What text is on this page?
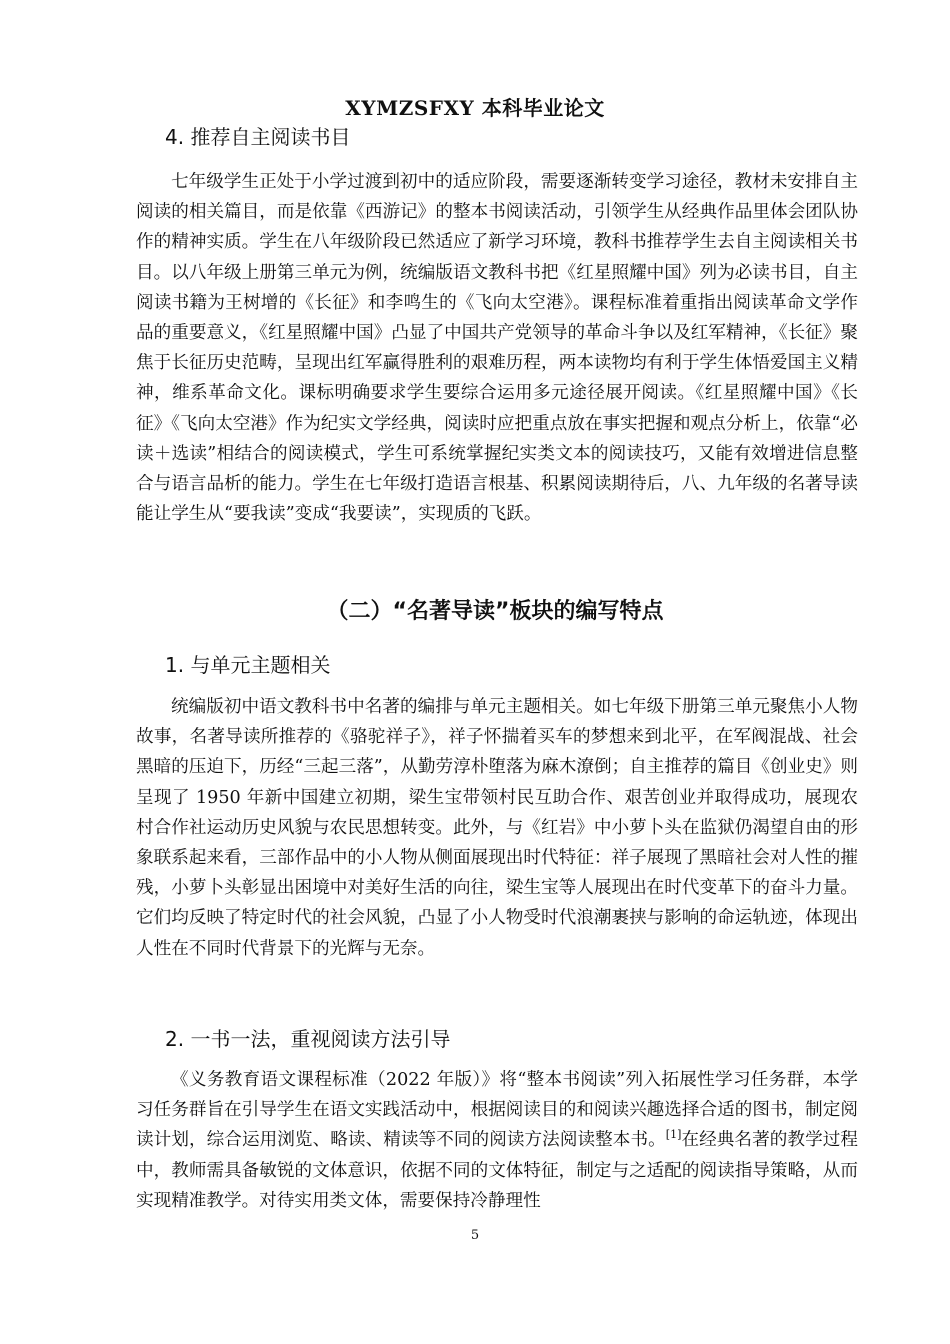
XYMZSFXY 本科毕业论文
4. 推荐自主阅读书目

七年级学生正处于小学过渡到初中的适应阶段，需要逐渐转变学习途径，教材未安排自主阅读的相关篇目，而是依靠《西游记》的整本书阅读活动，引领学生从经典作品里体会团队协作的精神实质。学生在八年级阶段已然适应了新学习环境，教科书推荐学生去自主阅读相关书目。以八年级上册第三单元为例，统编版语文教科书把《红星照耀中国》列为必读书目，自主阅读书籍为王树增的《长征》和李鸣生的《飞向太空港》。课程标准着重指出阅读革命文学作品的重要意义，《红星照耀中国》凸显了中国共产党领导的革命斗争以及红军精神，《长征》聚焦于长征历史范畴，呈现出红军赢得胜利的艰难历程，两本读物均有利于学生体悟爱国主义精神，维系革命文化。课标明确要求学生要综合运用多元途径展开阅读。《红星照耀中国》《长征》《飞向太空港》作为纪实文学经典，阅读时应把重点放在事实把握和观点分析上，依靠“必读＋选读”相结合的阅读模式，学生可系统掌握纪实类文本的阅读技巧，又能有效增进信息整合与语言品析的能力。学生在七年级打造语言根基、积累阅读期待后，八、九年级的名著导读能让学生从“要我读”变成“我要读”，实现质的飞跃。

（二）“名著导读”板块的编写特点
1. 与单元主题相关

统编版初中语文教科书中名著的编排与单元主题相关。如七年级下册第三单元聚焦小人物故事，名著导读所推荐的《骆驼祥子》，祥子怀揣着买车的梦想来到北平，在军阀混战、社会黑暗的压迫下，历经“三起三落”，从勤劳淳朴堕落为麻木潦倒；自主推荐的篇目《创业史》则呈现了 1950 年新中国建立初期，梁生宝带领村民互助合作、艰苦创业并取得成功，展现农村合作社运动历史风貌与农民思想转变。此外，与《红岩》中小萝卜头在监狱仍渴望自由的形象联系起来看，三部作品中的小人物从侧面展现出时代特征：祥子展现了黑暗社会对人性的摧残，小萝卜头彰显出困境中对美好生活的向往，梁生宝等人展现出在时代变革下的奋斗力量。它们均反映了特定时代的社会风貌，凸显了小人物受时代浪潮裹挟与影响的命运轨迹，体现出人性在不同时代背景下的光辉与无奈。

2. 一书一法，重视阅读方法引导

《义务教育语文课程标准（2022 年版）》将“整本书阅读”列入拓展性学习任务群，本学习任务群旨在引导学生在语文实践活动中，根据阅读目的和阅读兴趣选择合适的图书，制定阅读计划，综合运用浏览、略读、精读等不同的阅读方法阅读整本书。[1]在经典名著的教学过程中，教师需具备敏锐的文体意识，依据不同的文体特征，制定与之适配的阅读指导策略，从而实现精准教学。对待实用类文体，需要保持冷静理性

5
